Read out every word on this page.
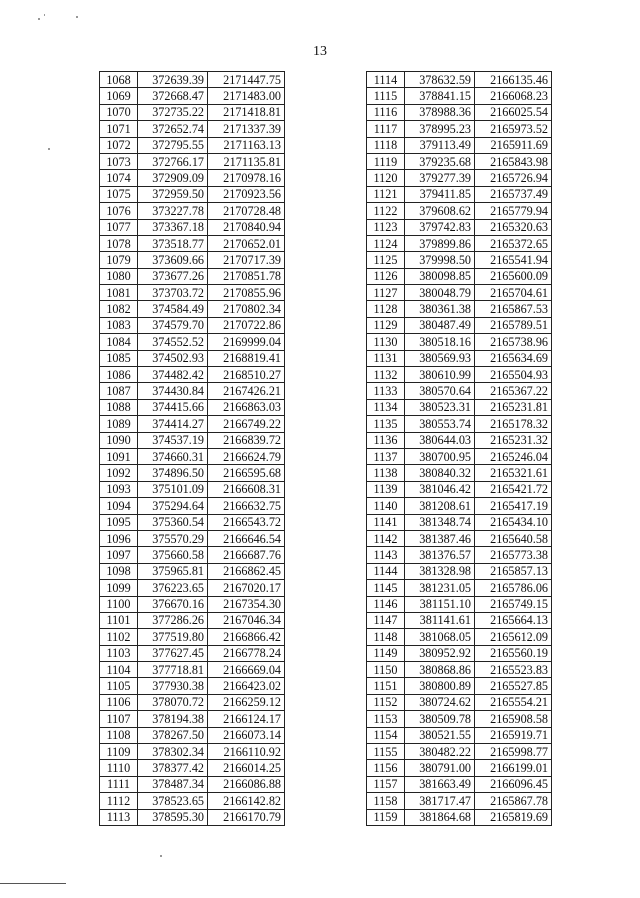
13
1068	372639.39	2171447.75
1069	372668.47	2171483.00
1070	372735.22	2171418.81
1071	372652.74	2171337.39
1072	372795.55	2171163.13
1073	372766.17	2171135.81
1074	372909.09	2170978.16
1075	372959.50	2170923.56
1076	373227.78	2170728.48
1077	373367.18	2170840.94
1078	373518.77	2170652.01
1079	373609.66	2170717.39
1080	373677.26	2170851.78
1081	373703.72	2170855.96
1082	374584.49	2170802.34
1083	374579.70	2170722.86
1084	374552.52	2169999.04
1085	374502.93	2168819.41
1086	374482.42	2168510.27
1087	374430.84	2167426.21
1088	374415.66	2166863.03
1089	374414.27	2166749.22
1090	374537.19	2166839.72
1091	374660.31	2166624.79
1092	374896.50	2166595.68
1093	375101.09	2166608.31
1094	375294.64	2166632.75
1095	375360.54	2166543.72
1096	375570.29	2166646.54
1097	375660.58	2166687.76
1098	375965.81	2166862.45
1099	376223.65	2167020.17
1100	376670.16	2167354.30
1101	377286.26	2167046.34
1102	377519.80	2166866.42
1103	377627.45	2166778.24
1104	377718.81	2166669.04
1105	377930.38	2166423.02
1106	378070.72	2166259.12
1107	378194.38	2166124.17
1108	378267.50	2166073.14
1109	378302.34	2166110.92
1110	378377.42	2166014.25
1111	378487.34	2166086.88
1112	378523.65	2166142.82
1113	378595.30	2166170.79
1114	378632.59	2166135.46
1115	378841.15	2166068.23
1116	378988.36	2166025.54
1117	378995.23	2165973.52
1118	379113.49	2165911.69
1119	379235.68	2165843.98
1120	379277.39	2165726.94
1121	379411.85	2165737.49
1122	379608.62	2165779.94
1123	379742.83	2165320.63
1124	379899.86	2165372.65
1125	379998.50	2165541.94
1126	380098.85	2165600.09
1127	380048.79	2165704.61
1128	380361.38	2165867.53
1129	380487.49	2165789.51
1130	380518.16	2165738.96
1131	380569.93	2165634.69
1132	380610.99	2165504.93
1133	380570.64	2165367.22
1134	380523.31	2165231.81
1135	380553.74	2165178.32
1136	380644.03	2165231.32
1137	380700.95	2165246.04
1138	380840.32	2165321.61
1139	381046.42	2165421.72
1140	381208.61	2165417.19
1141	381348.74	2165434.10
1142	381387.46	2165640.58
1143	381376.57	2165773.38
1144	381328.98	2165857.13
1145	381231.05	2165786.06
1146	381151.10	2165749.15
1147	381141.61	2165664.13
1148	381068.05	2165612.09
1149	380952.92	2165560.19
1150	380868.86	2165523.83
1151	380800.89	2165527.85
1152	380724.62	2165554.21
1153	380509.78	2165908.58
1154	380521.55	2165919.71
1155	380482.22	2165998.77
1156	380791.00	2166199.01
1157	381663.49	2166096.45
1158	381717.47	2165867.78
1159	381864.68	2165819.69
